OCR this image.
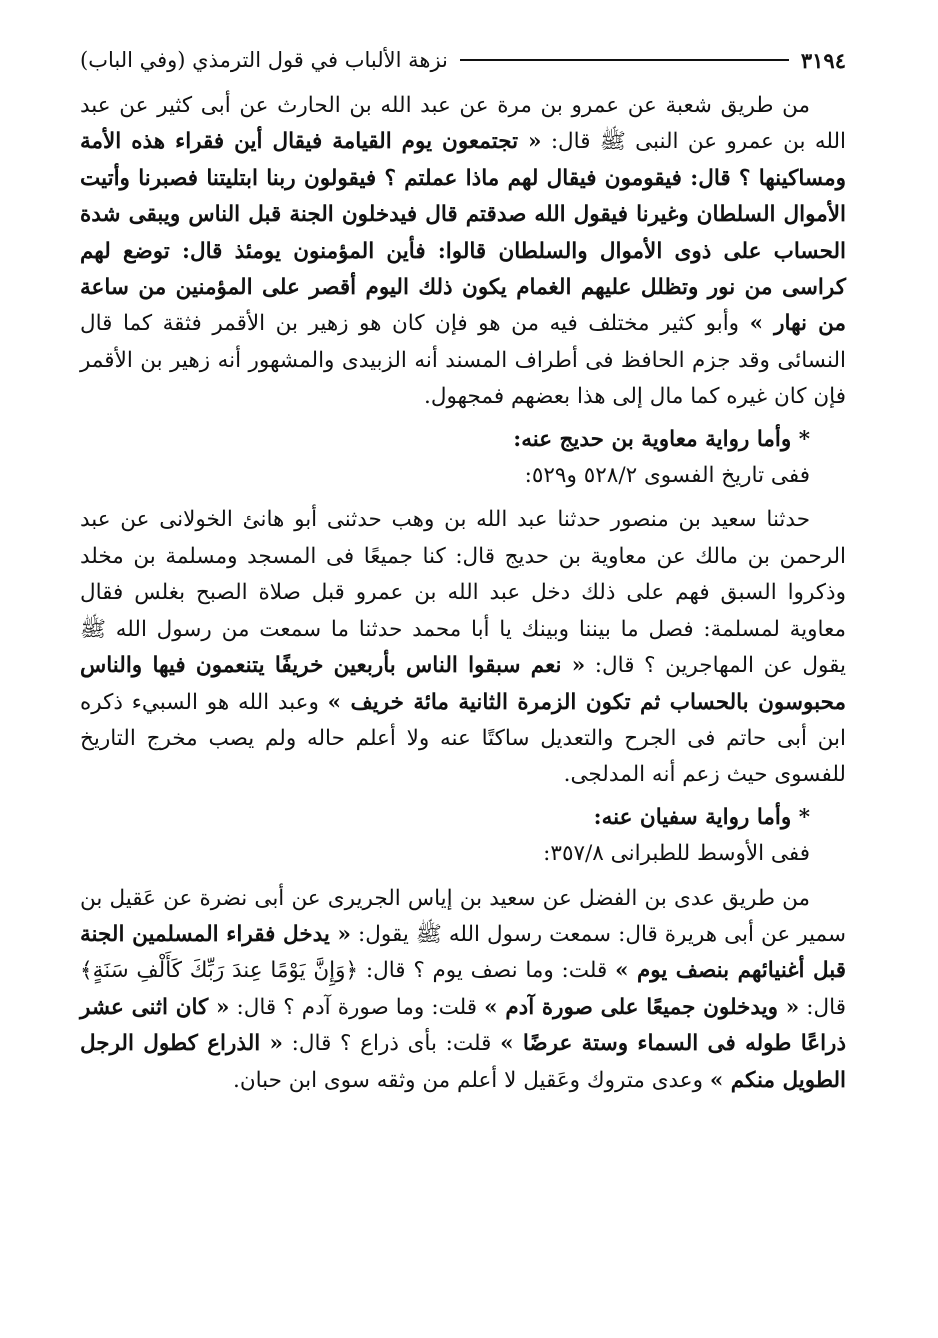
٣١٩٤
نزهة الألباب في قول الترمذي (وفي الباب)

من طريق شعبة عن عمرو بن مرة عن عبد الله بن الحارث عن أبى كثير عن عبد الله بن عمرو عن النبى ﷺ قال: « تجتمعون يوم القيامة فيقال أين فقراء هذه الأمة ومساكينها ؟ قال: فيقومون فيقال لهم ماذا عملتم ؟ فيقولون ربنا ابتليتنا فصبرنا وأتيت الأموال السلطان وغيرنا فيقول الله صدقتم قال فيدخلون الجنة قبل الناس ويبقى شدة الحساب على ذوى الأموال والسلطان قالوا: فأين المؤمنون يومئذ قال: توضع لهم كراسى من نور وتظلل عليهم الغمام يكون ذلك اليوم أقصر على المؤمنين من ساعة من نهار » وأبو كثير مختلف فيه من هو فإن كان هو زهير بن الأقمر فثقة كما قال النسائى وقد جزم الحافظ فى أطراف المسند أنه الزبيدى والمشهور أنه زهير بن الأقمر فإن كان غيره كما مال إلى هذا بعضهم فمجهول.

* وأما رواية معاوية بن حديج عنه:

ففى تاريخ الفسوى ٥٢٨/٢ و٥٢٩:

حدثنا سعيد بن منصور حدثنا عبد الله بن وهب حدثنى أبو هانئ الخولانى عن عبد الرحمن بن مالك عن معاوية بن حديج قال: كنا جميعًا فى المسجد ومسلمة بن مخلد وذكروا السبق فهم على ذلك دخل عبد الله بن عمرو قبل صلاة الصبح بغلس فقال معاوية لمسلمة: فصل ما بيننا وبينك يا أبا محمد حدثنا ما سمعت من رسول الله ﷺ يقول عن المهاجرين ؟ قال: « نعم سبقوا الناس بأربعين خريفًا يتنعمون فيها والناس محبوسون بالحساب ثم تكون الزمرة الثانية مائة خريف » وعبد الله هو السبيء ذكره ابن أبى حاتم فى الجرح والتعديل ساكتًا عنه ولا أعلم حاله ولم يصب مخرج التاريخ للفسوى حيث زعم أنه المدلجى.

* وأما رواية سفيان عنه:

ففى الأوسط للطبرانى ٣٥٧/٨:

من طريق عدى بن الفضل عن سعيد بن إياس الجريرى عن أبى نضرة عن عَقيل بن سمير عن أبى هريرة قال: سمعت رسول الله ﷺ يقول: « يدخل فقراء المسلمين الجنة قبل أغنيائهم بنصف يوم » قلت: وما نصف يوم ؟ قال: ﴿وَإِنَّ يَوْمًا عِندَ رَبِّكَ كَأَلْفِ سَنَةٍ﴾ قال: « ويدخلون جميعًا على صورة آدم » قلت: وما صورة آدم ؟ قال: « كان اثنى عشر ذراعًا طوله فى السماء وستة عرضًا » قلت: بأى ذراع ؟ قال: « الذراع كطول الرجل الطويل منكم » وعدى متروك وعَقيل لا أعلم من وثقه سوى ابن حبان.
